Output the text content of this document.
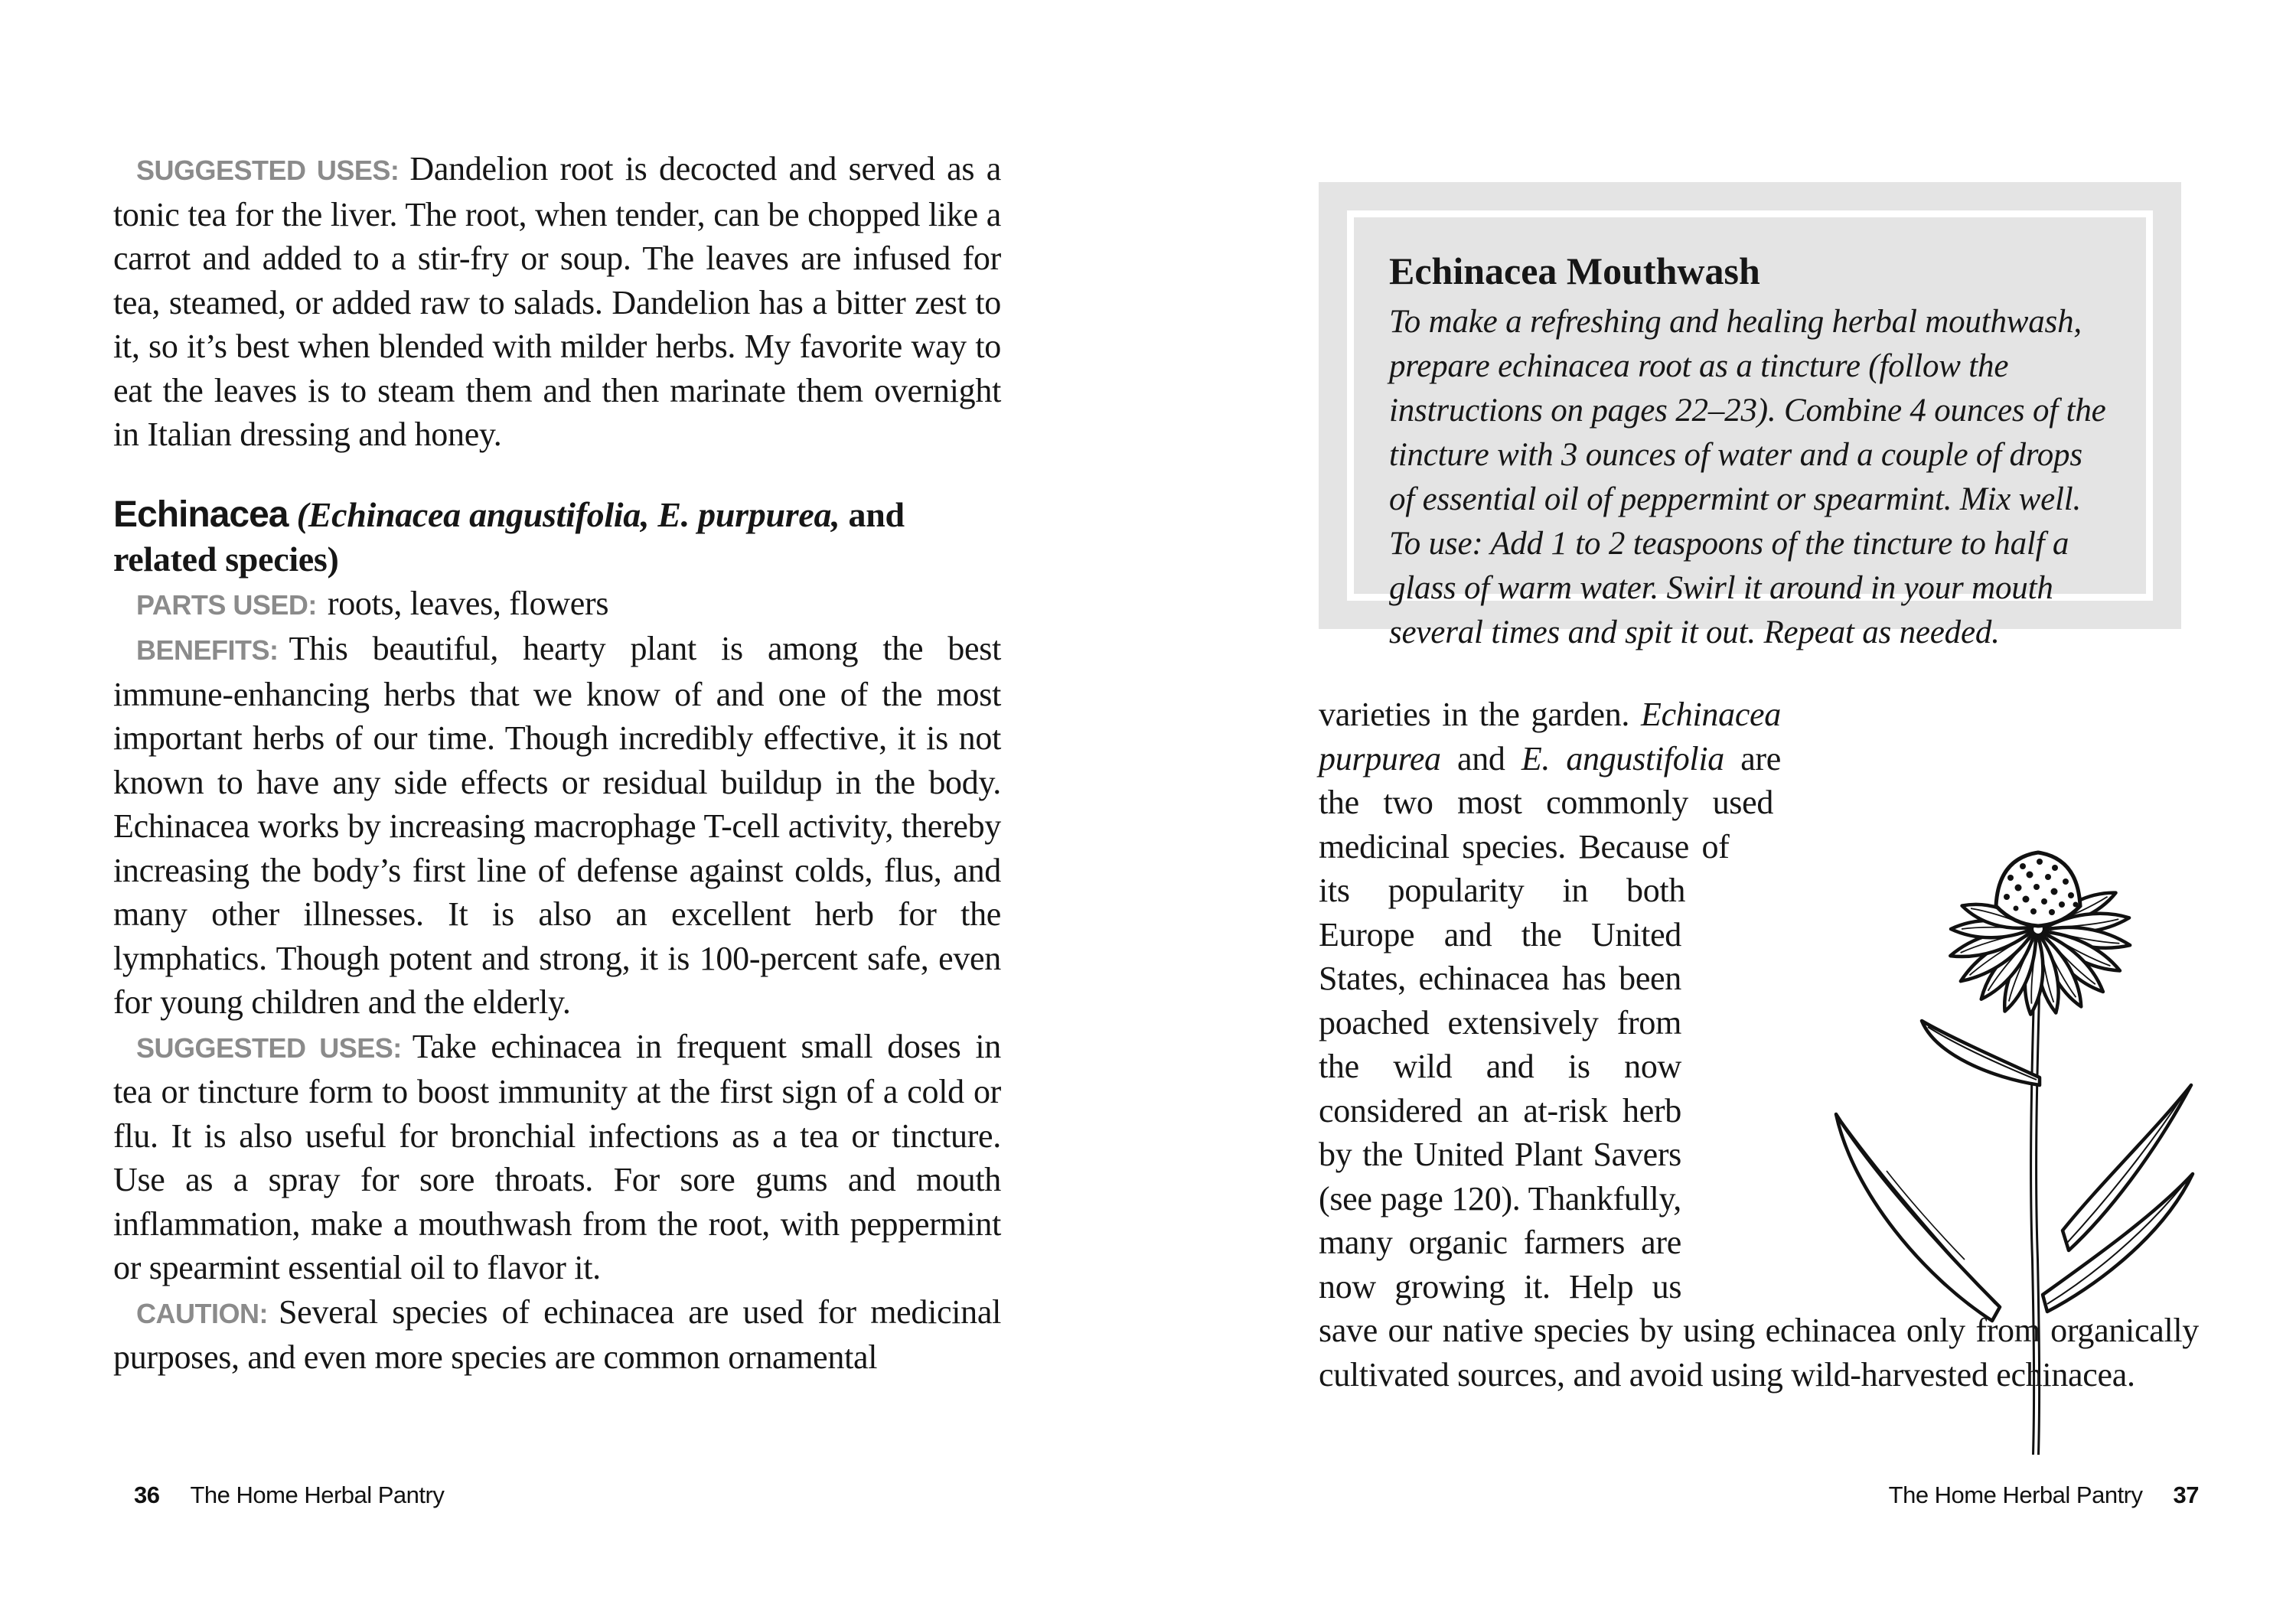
SUGGESTED USES: Dandelion root is decocted and served as a tonic tea for the liver. The root, when tender, can be chopped like a carrot and added to a stir-fry or soup. The leaves are infused for tea, steamed, or added raw to salads. Dandelion has a bitter zest to it, so it’s best when blended with milder herbs. My favorite way to eat the leaves is to steam them and then marinate them overnight in Italian dressing and honey.

Echinacea (Echinacea angustifolia, E. purpurea, and related species)

PARTS USED: roots, leaves, flowers

BENEFITS: This beautiful, hearty plant is among the best immune-enhancing herbs that we know of and one of the most important herbs of our time. Though incredibly effective, it is not known to have any side effects or residual buildup in the body. Echinacea works by increasing macrophage T-cell activity, thereby increasing the body’s first line of defense against colds, flus, and many other illnesses. It is also an excellent herb for the lymphatics. Though potent and strong, it is 100-percent safe, even for young children and the elderly.

SUGGESTED USES: Take echinacea in frequent small doses in tea or tincture form to boost immunity at the first sign of a cold or flu. It is also useful for bronchial infections as a tea or tincture. Use as a spray for sore throats. For sore gums and mouth inflammation, make a mouthwash from the root, with peppermint or spearmint essential oil to flavor it.

CAUTION: Several species of echinacea are used for medicinal purposes, and even more species are common ornamental

Echinacea Mouthwash

To make a refreshing and healing herbal mouthwash, prepare echinacea root as a tincture (follow the instructions on pages 22–23). Combine 4 ounces of the tincture with 3 ounces of water and a couple of drops of essential oil of peppermint or spearmint. Mix well. To use: Add 1 to 2 teaspoons of the tincture to half a glass of warm water. Swirl it around in your mouth several times and spit it out. Repeat as needed.

varieties in the garden. Echinacea purpurea and E. angustifolia are the two most commonly used medicinal species. Because of its popularity in both Europe and the United States, echinacea has been poached extensively from the wild and is now considered an at-risk herb by the United Plant Savers (see page 120). Thankfully, many organic farmers are now growing it. Help us save our native species by using echinacea only from organically cultivated sources, and avoid using wild-harvested echinacea.

36 The Home Herbal Pantry	The Home Herbal Pantry 37
